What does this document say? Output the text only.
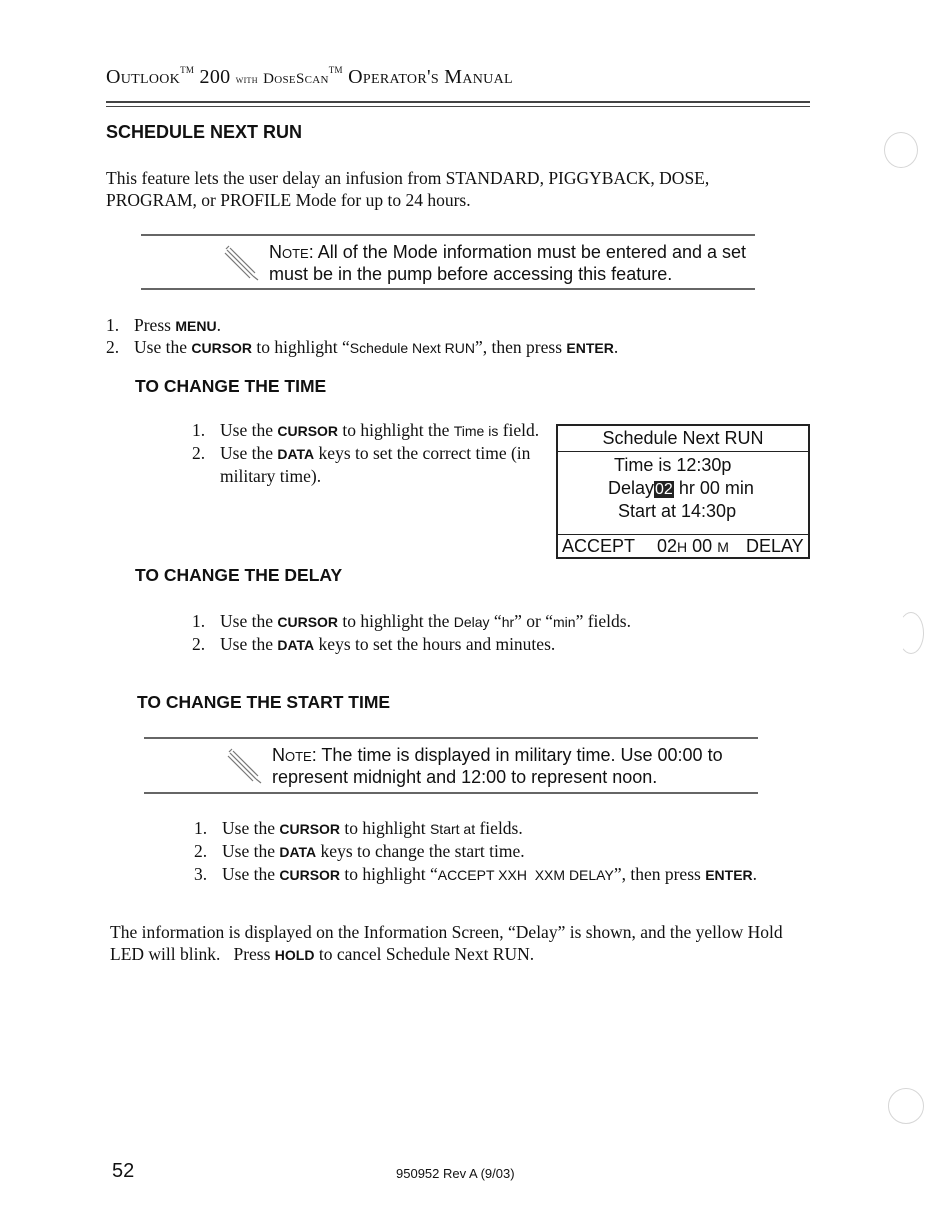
Outlook™ 200 with DoseScan™ Operator's Manual
SCHEDULE NEXT RUN
This feature lets the user delay an infusion from STANDARD, PIGGYBACK, DOSE, PROGRAM, or PROFILE Mode for up to 24 hours.
Note: All of the Mode information must be entered and a set must be in the pump before accessing this feature.
1. Press MENU.
2. Use the CURSOR to highlight “Schedule Next RUN”, then press ENTER.
TO CHANGE THE TIME
1. Use the CURSOR to highlight the Time is field.
2. Use the DATA keys to set the correct time (in military time).
Schedule Next RUN
Time is 12:30p
Delay02 hr 00 min
Start at 14:30p
ACCEPT 02H 00 M DELAY
TO CHANGE THE DELAY
1. Use the CURSOR to highlight the Delay “hr” or “min” fields.
2. Use the DATA keys to set the hours and minutes.
TO CHANGE THE START TIME
Note: The time is displayed in military time. Use 00:00 to represent midnight and 12:00 to represent noon.
1. Use the CURSOR to highlight Start at fields.
2. Use the DATA keys to change the start time.
3. Use the CURSOR to highlight “ACCEPT XXH  XXM DELAY”, then press ENTER.
The information is displayed on the Information Screen, “Delay” is shown, and the yellow Hold LED will blink.   Press HOLD to cancel Schedule Next RUN.
52	950952 Rev A (9/03)
